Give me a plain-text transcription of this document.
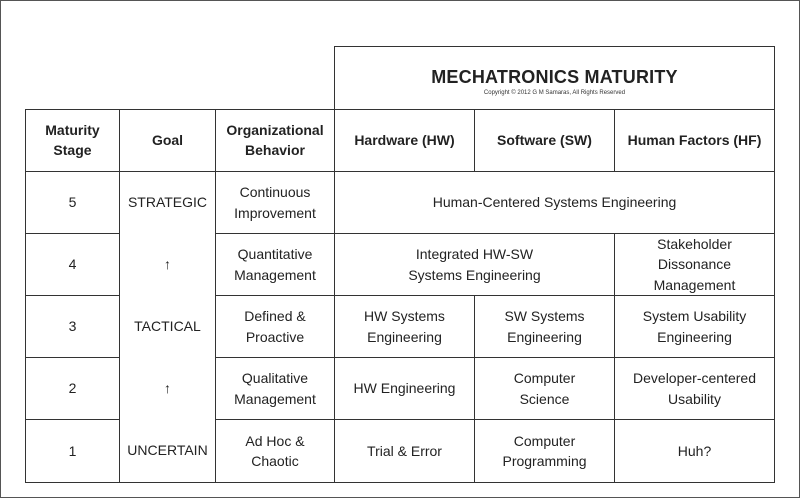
MECHATRONICS MATURITY
Copyright © 2012 G M Samaras, All Rights Reserved
Maturity
Stage
Goal
Organizational
Behavior
Hardware (HW)	Software (SW)	Human Factors (HF)
STRATEGIC
↑
TACTICAL
↑
UNCERTAIN
5
Continuous
Improvement
Human-Centered Systems Engineering
4
Quantitative
Management
Integrated HW-SW
Systems Engineering
Stakeholder
Dissonance
Management
3
Defined &
Proactive
HW Systems
Engineering
SW Systems
Engineering
System Usability
Engineering
2
Qualitative
Management
HW Engineering
Computer
Science
Developer-centered
Usability
1
Ad Hoc &
Chaotic
Trial & Error
Computer
Programming
Huh?
